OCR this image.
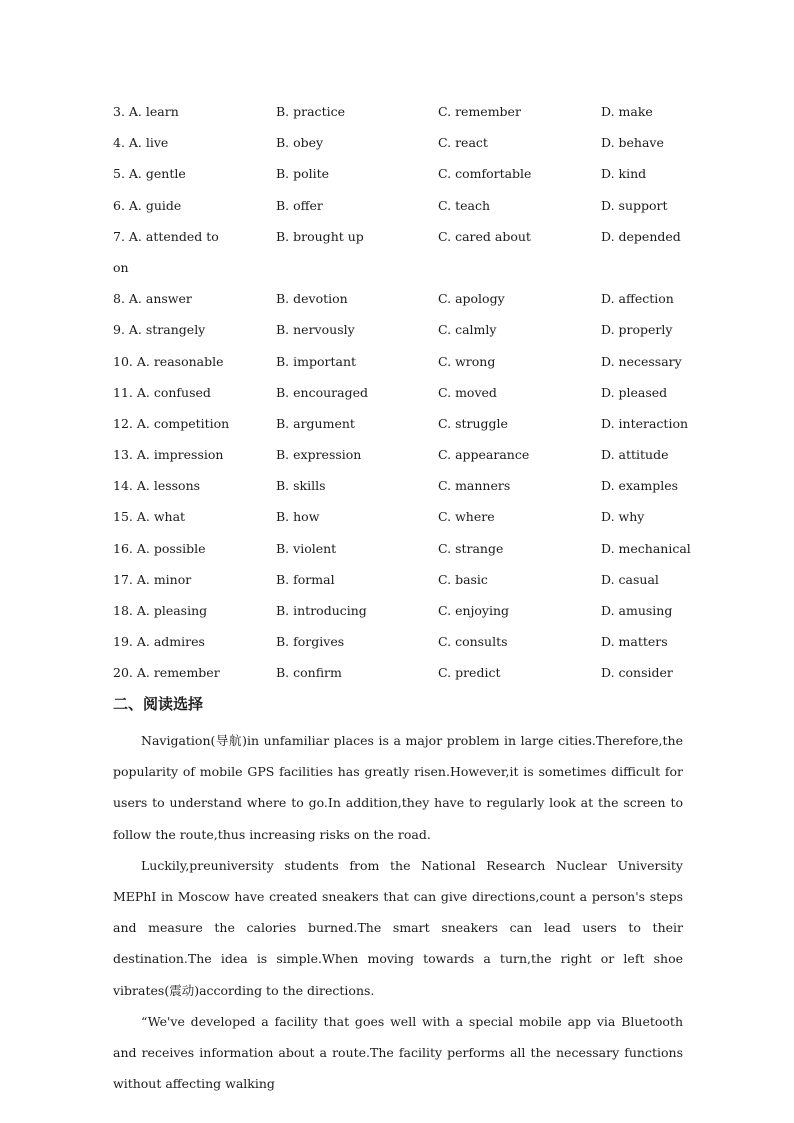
3. A. learn	B. practice	C. remember	D. make
4. A. live	B. obey	C. react	D. behave
5. A. gentle	B. polite	C. comfortable	D. kind
6. A. guide	B. offer	C. teach	D. support
7. A. attended to	B. brought up	C. cared about	D. depended
on
8. A. answer	B. devotion	C. apology	D. affection
9. A. strangely	B. nervously	C. calmly	D. properly
10. A. reasonable	B. important	C. wrong	D. necessary
11. A. confused	B. encouraged	C. moved	D. pleased
12. A. competition	B. argument	C. struggle	D. interaction
13. A. impression	B. expression	C. appearance	D. attitude
14. A. lessons	B. skills	C. manners	D. examples
15. A. what	B. how	C. where	D. why
16. A. possible	B. violent	C. strange	D. mechanical
17. A. minor	B. formal	C. basic	D. casual
18. A. pleasing	B. introducing	C. enjoying	D. amusing
19. A. admires	B. forgives	C. consults	D. matters
20. A. remember	B. confirm	C. predict	D. consider
二、阅读选择

Navigation(导航)in unfamiliar places is a major problem in large cities.Therefore,the popularity of mobile GPS facilities has greatly risen.However,it is sometimes difficult for users to understand where to go.In addition,they have to regularly look at the screen to follow the route,thus increasing risks on the road.

Luckily,preuniversity students from the National Research Nuclear University MEPhI in Moscow have created sneakers that can give directions,count a person's steps and measure the calories burned.The smart sneakers can lead users to their destination.The idea is simple.When moving towards a turn,the right or left shoe vibrates(震动)according to the directions.

“We've developed a facility that goes well with a special mobile app via Bluetooth and receives information about a route.The facility performs all the necessary functions without affecting walking
